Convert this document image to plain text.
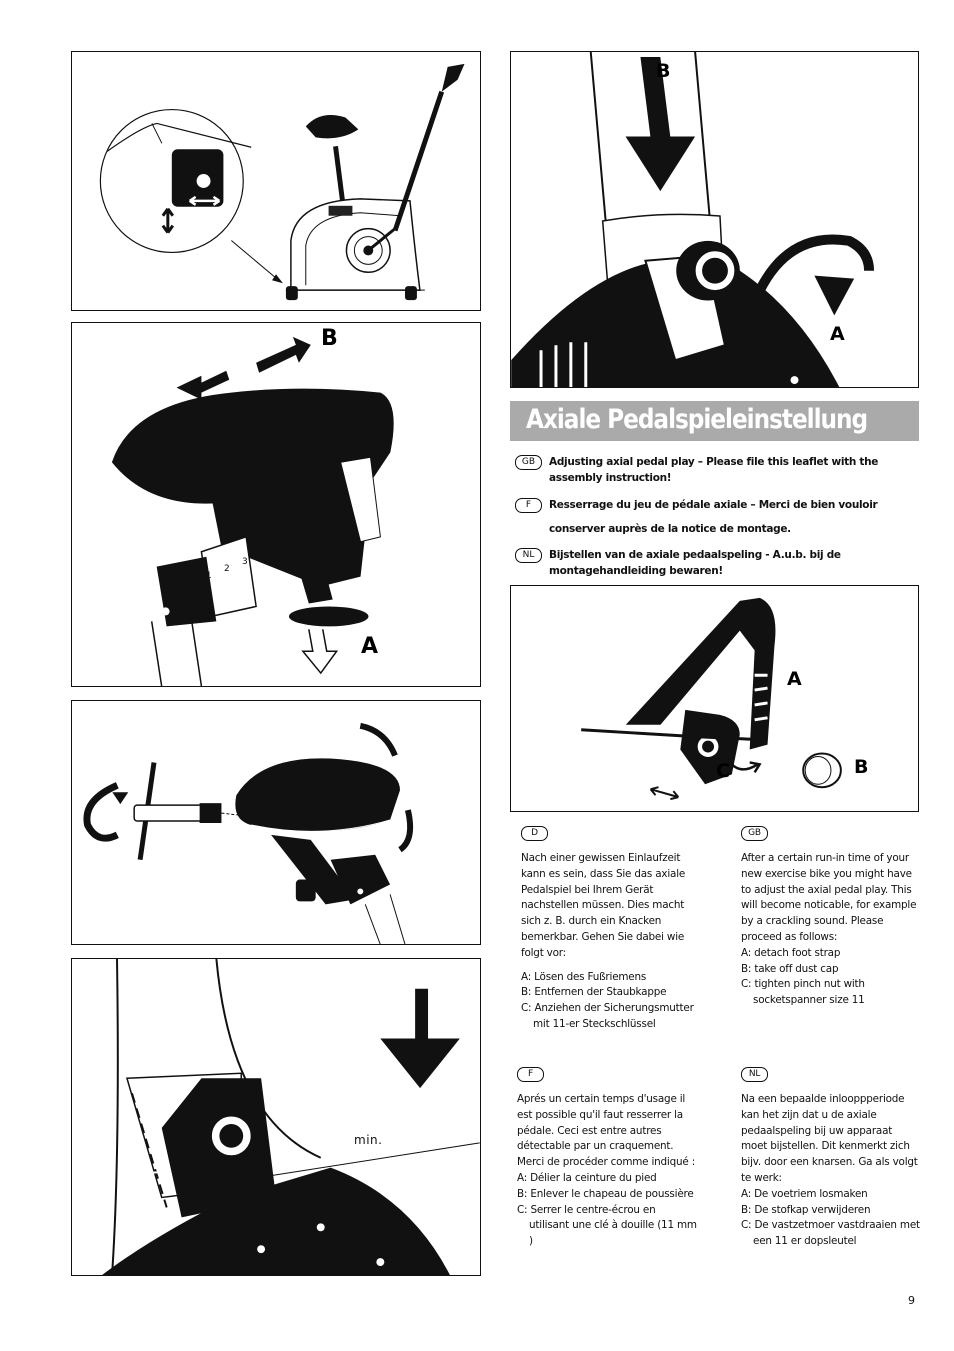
B
A
1
2
3
min.
B
A
Axiale Pedalspieleinstellung
GB	Adjusting axial pedal play – Please file this leaflet with the assembly instruction!
F	Resserrage du jeu de pédale axiale – Merci de bien vouloir conserver auprès de la notice de montage.
NL	Bijstellen van de axiale pedaalspeling - A.u.b. bij de montagehandleiding bewaren!
A
B
C
D

Nach einer gewissen Einlaufzeit kann es sein, dass Sie das axiale Pedalspiel bei Ihrem Gerät nachstellen müssen. Dies macht sich z. B. durch ein Knacken bemerkbar. Gehen Sie dabei wie folgt vor:

A: Lösen des Fußriemens

B: Entfernen der Staubkappe

C: Anziehen der Sicherungsmutter mit 11-er Steckschlüssel

GB

After a certain run-in time of your new exercise bike you might have to adjust the axial pedal play. This will become noticable, for example by a crackling sound. Please proceed as follows:

A: detach foot strap

B: take off dust cap

C: tighten pinch nut with socketspanner size 11

F

Aprés un certain temps d'usage il est possible qu'il faut resserrer la pédale. Ceci est entre autres détectable par un craquement. Merci de procéder comme indiqué :

A: Délier la ceinture du pied

B: Enlever le chapeau de poussière

C: Serrer le centre-écrou en utilisant une clé à douille (11 mm )

NL

Na een bepaalde inlooppperiode kan het zijn dat u de axiale pedaalspeling bij uw apparaat moet bijstellen. Dit kenmerkt zich bijv. door een knarsen. Ga als volgt te werk:

A: De voetriem losmaken

B: De stofkap verwijderen

C: De vastzetmoer vastdraaien met een 11 er dopsleutel

9
